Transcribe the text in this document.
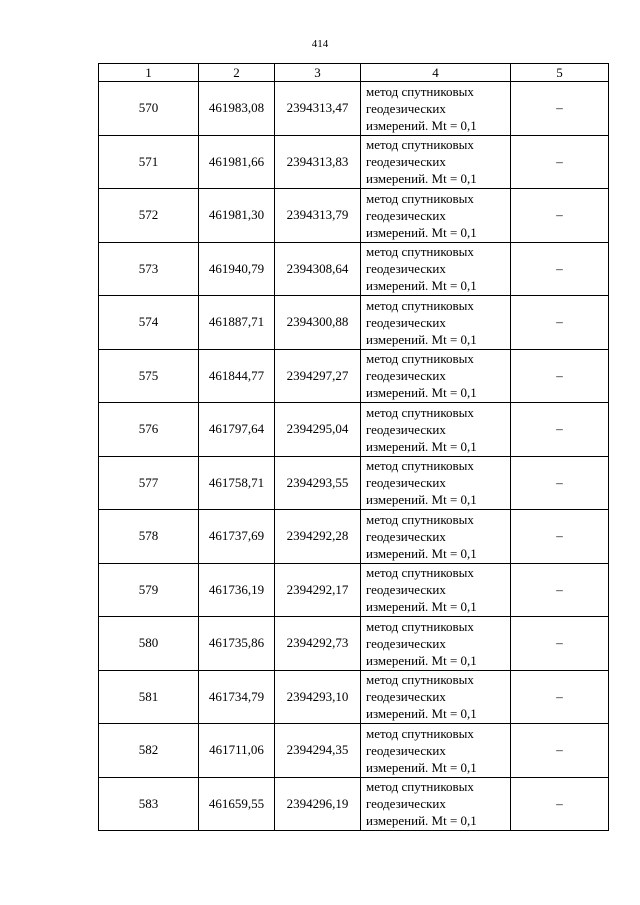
414
1	2	3	4	5
570	461983,08	2394313,47	метод спутниковых
геодезических
измерений. Mt = 0,1	–
571	461981,66	2394313,83	метод спутниковых
геодезических
измерений. Mt = 0,1	–
572	461981,30	2394313,79	метод спутниковых
геодезических
измерений. Mt = 0,1	–
573	461940,79	2394308,64	метод спутниковых
геодезических
измерений. Mt = 0,1	–
574	461887,71	2394300,88	метод спутниковых
геодезических
измерений. Mt = 0,1	–
575	461844,77	2394297,27	метод спутниковых
геодезических
измерений. Mt = 0,1	–
576	461797,64	2394295,04	метод спутниковых
геодезических
измерений. Mt = 0,1	–
577	461758,71	2394293,55	метод спутниковых
геодезических
измерений. Mt = 0,1	–
578	461737,69	2394292,28	метод спутниковых
геодезических
измерений. Mt = 0,1	–
579	461736,19	2394292,17	метод спутниковых
геодезических
измерений. Mt = 0,1	–
580	461735,86	2394292,73	метод спутниковых
геодезических
измерений. Mt = 0,1	–
581	461734,79	2394293,10	метод спутниковых
геодезических
измерений. Mt = 0,1	–
582	461711,06	2394294,35	метод спутниковых
геодезических
измерений. Mt = 0,1	–
583	461659,55	2394296,19	метод спутниковых
геодезических
измерений. Mt = 0,1	–
